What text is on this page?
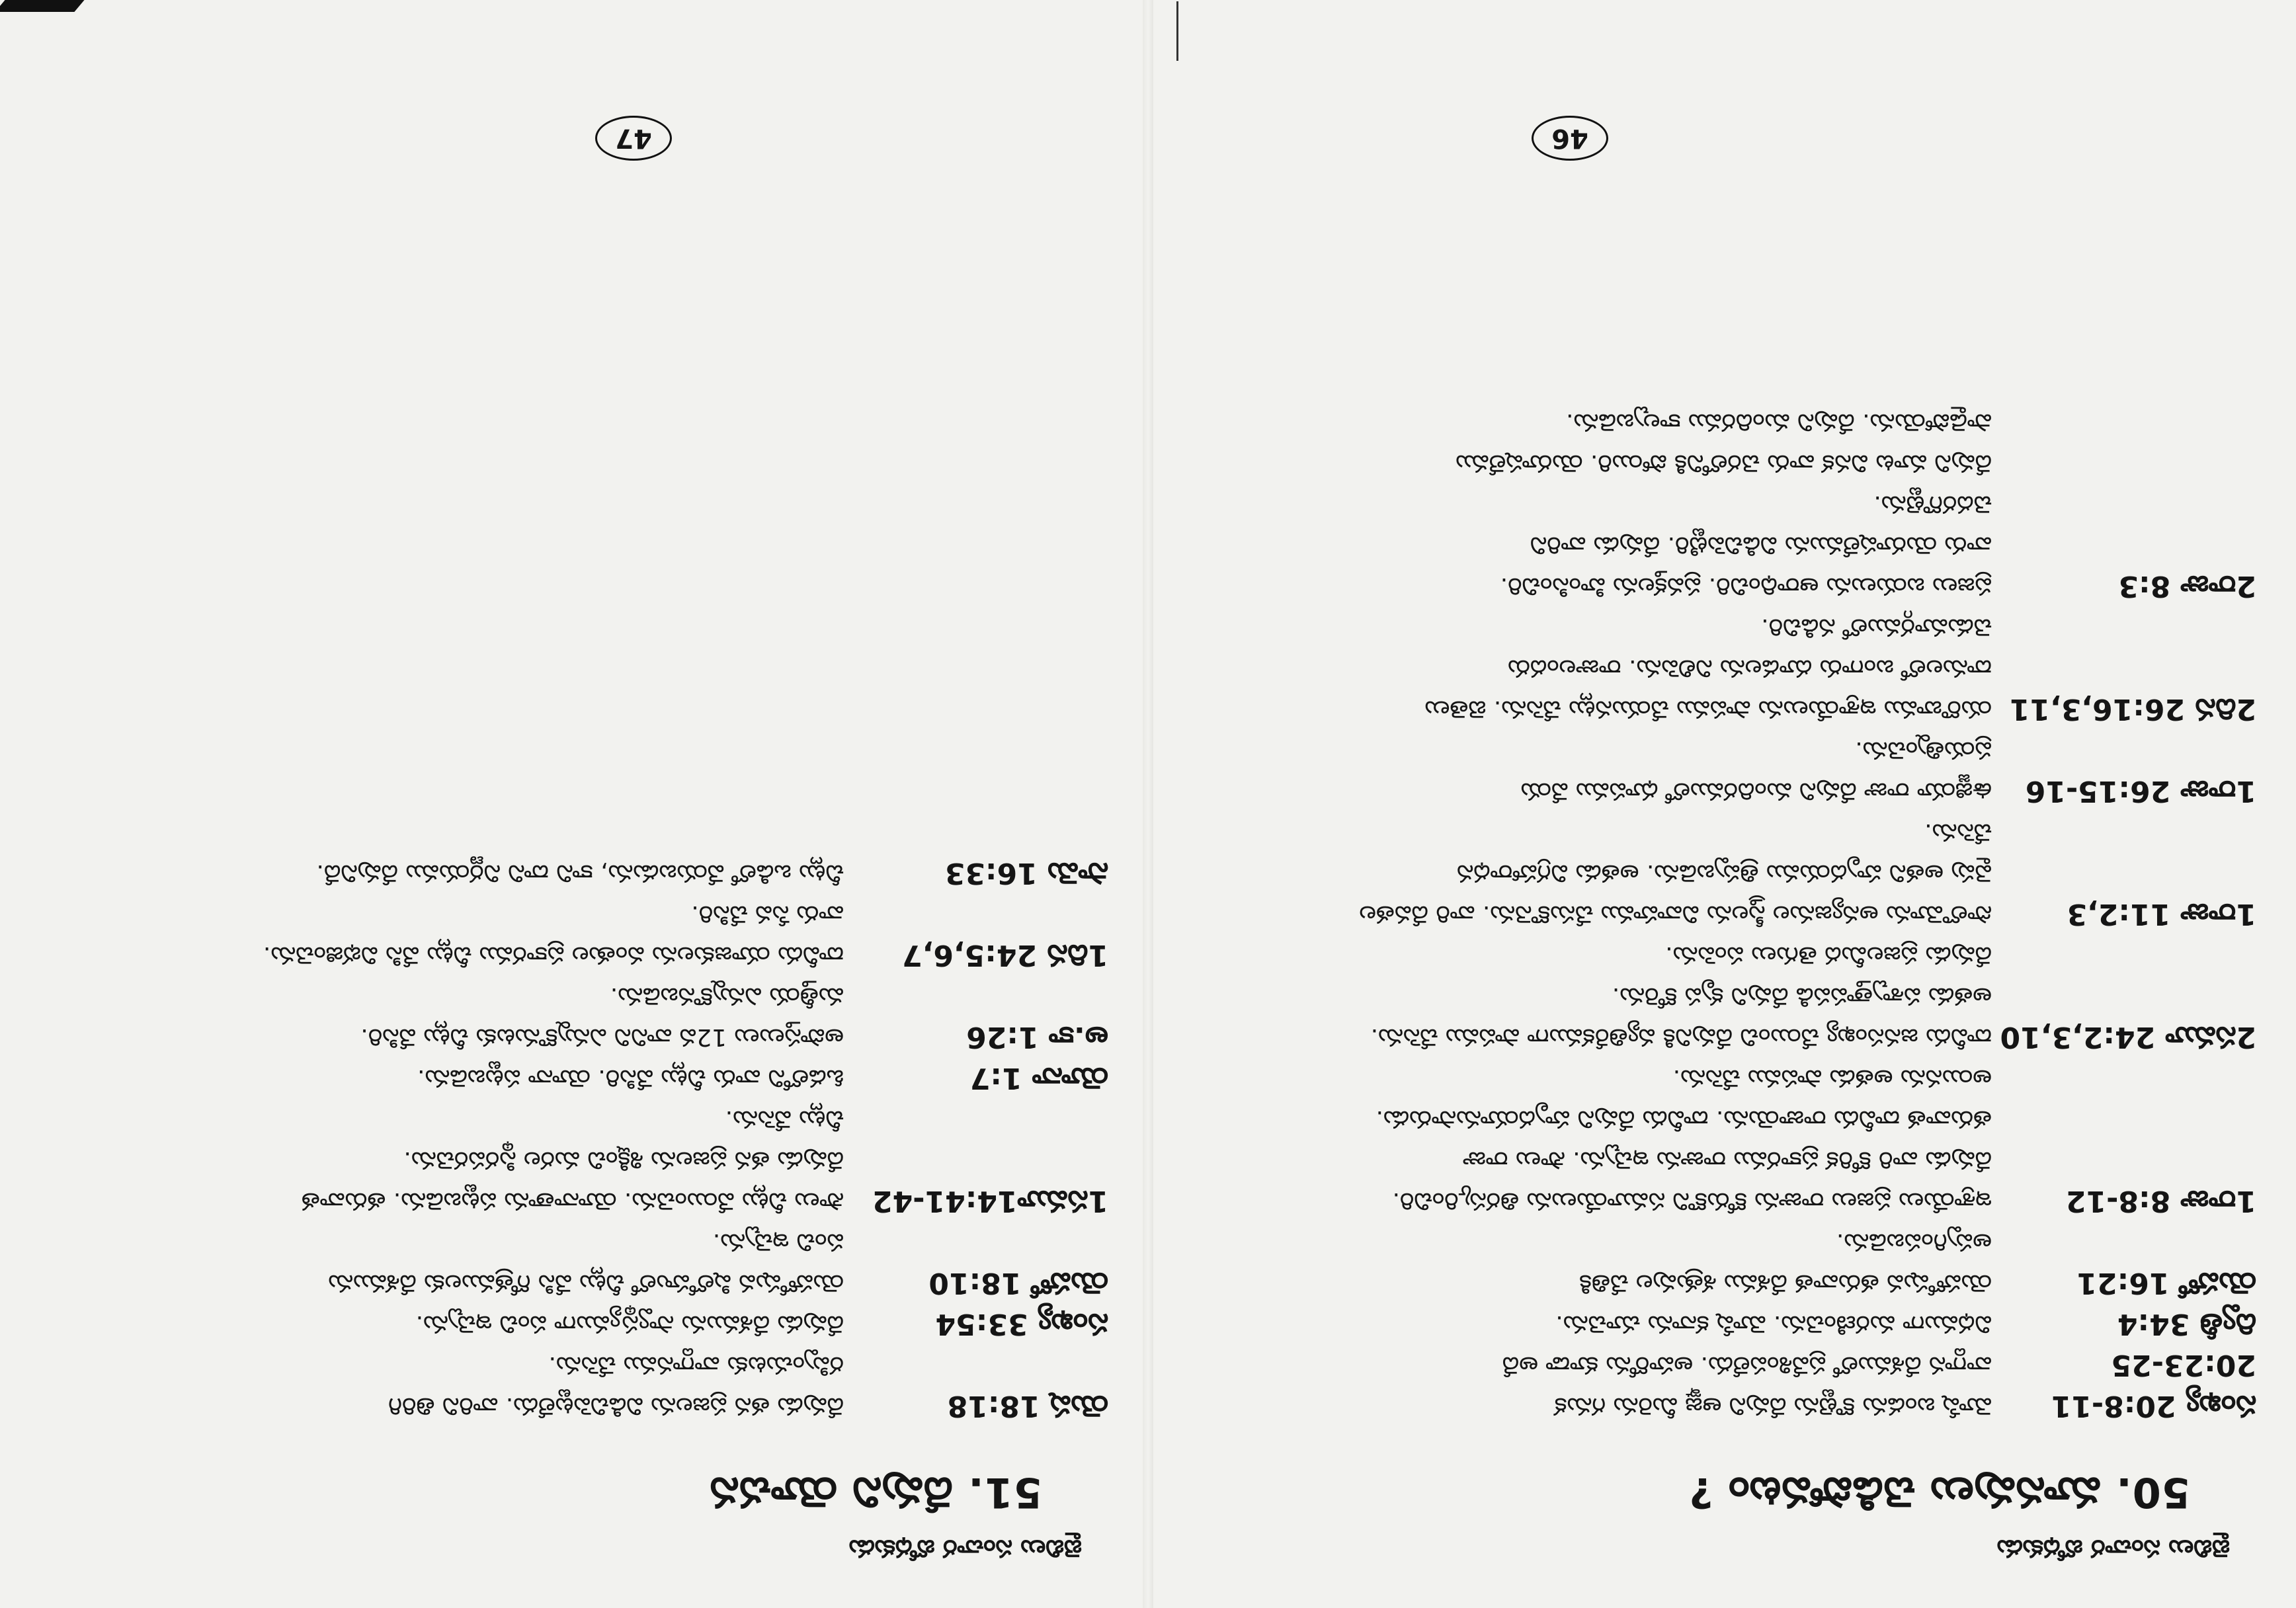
బైబిలు సంచార బోధకుడు
50. మానవులు చెడిపోవటం ?
సంఖ్య 20:8-11
మోషే బండను కొట్టెను దేవుని ఆజ్ఞ మీరెను గనుక
20:23-25
వాగ్దాన దేశములో ప్రవేశింపలేదు. అహరోను కూడా అదే
ద్వితీ 34:4
విధముగా మరణించెను. మోషే కనాను చూచెను.
యెహో 16:21
యెహోషువ తరువాత దేశము శత్రువుల చేతికి
అప్పగింపబడెను.
1రాజు 8:8-12
ఇశ్రాయేలు ప్రజలు రాజును కోరుకొని సమూయేలును తిరస్కరించిరి.
దేవుడు వారి కోరిక ప్రకారము రాజును ఇచ్చెను. సౌలు రాజు
తరువాత దావీదు రాజాయెను. దావీదు దేవుని హృదయానుసారుడు.
అయినను అతడు పాపము చేసెను.
2సమూ 24:2,3,10
దావీదు జనసంఖ్య చేయించి దేవునికి వ్యతిరేకముగా పాపము చేసెను.
అతడు పశ్చాత్తాపపడి దేవుని కృప కోరెను.
దేవుడు ప్రజలమీద తెగులు పంపెను.
1రాజు 11:2,3
సొలొమోను అన్యజనుల స్త్రీలను వివాహము చేసుకొనెను. వారి దేవతల
వైపు అతని హృదయము త్రిప్పబడెను. అతడు విగ్రహారాధన
చేసెను.
1రాజు 26:15-16
ఉజ్జియా రాజు దేవుని మందిరములో ధూపము వేయ
ప్రయత్నించెను.
2దిన 26:16,3,11
యరొబాము ఇశ్రాయేలును పాపము చేయునట్లు చేసెను. బెతెలు
దానులలో బంగారు దూడలను నిలిపెను. రాజులందరు
చెడుమార్గములో నడిచిరి.
2రాజు 8:3
ప్రజలు బయలును ఆరాధించిరి. ప్రవక్తలను హింసించిరి.
వారు యెరూషలేమును విడిచిపెట్టిరి. దేవుడు వారిని
చెదరగొట్టెను.
దేవుని మాట వినక వారు చెరలోనికి పోయిరి. యెరూషలేము
పాడైపోయెను. దేవుని మందిరము కాల్చబడెను.
46
బైబిలు సంచార బోధకుడు
51. దేవుని యోచన
యెష 18:18
దేవుడు తన ప్రజలను విడిచిపెట్టలేదు. వారిని తిరిగి
రప్పించుటకు వాగ్దానము చేసెను.
సంఖ్య 33:54
దేవుడు దేశమును స్వాస్థ్యముగా పంచి ఇచ్చెను.
యెహో 18:10
యెహోషువ షిలోహులో చీట్లు వేసి గోత్రములకు దేశమును
పంచి ఇచ్చెను.
1సమూ14:41-42
సౌలు చీట్లు వేయించెను. యోనాతాను పట్టబడెను. తరువాత
దేవుడు తన ప్రజలను శిక్షించి మరల స్థిరపరచెను.
చీట్లు వేసెను.
యోనా 1:7
ఓడలోని వారు చీట్లు వేసిరి. యోనా పట్టబడెను.
అ.కా 1:26
అపొస్తలులు 12వ వానిని ఎన్నుకొనుటకు చీట్లు వేసిరి.
మత్తీయ ఎన్నుకొనబడెను.
1దిన 24:5,6,7
దావీదు యాజకులను వంతుల ప్రకారము చీట్లు వేసి విభజించెను.
వారు సేవ చేసిరి.
సామె 16:33
చీట్లు ఒడిలో వేయబడును, కాని దాని నిర్ణయము దేవునిదే.
47
